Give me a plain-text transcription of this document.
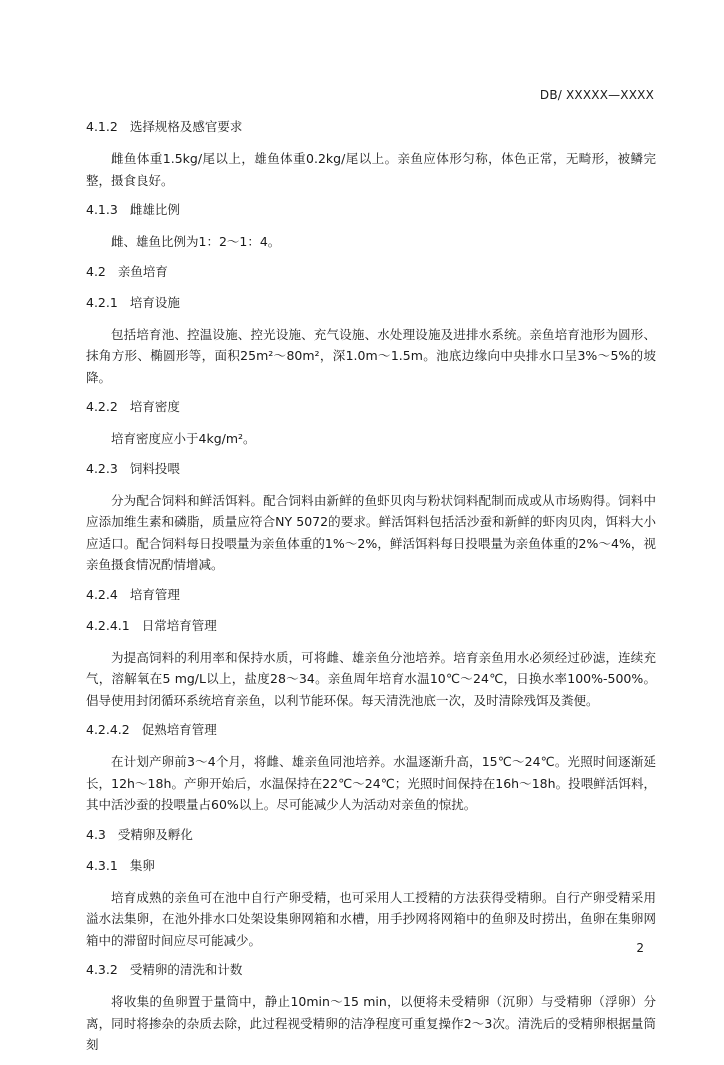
DB/ XXXXX—XXXX
4.1.2 选择规格及感官要求

雌鱼体重1.5kg/尾以上，雄鱼体重0.2kg/尾以上。亲鱼应体形匀称，体色正常，无畸形，被鳞完整，摄食良好。

4.1.3 雌雄比例

雌、雄鱼比例为1：2～1：4。

4.2 亲鱼培育
4.2.1 培育设施

包括培育池、控温设施、控光设施、充气设施、水处理设施及进排水系统。亲鱼培育池形为圆形、抹角方形、椭圆形等，面积25m²～80m²，深1.0m～1.5m。池底边缘向中央排水口呈3%～5%的坡降。

4.2.2 培育密度

培育密度应小于4kg/m²。

4.2.3 饲料投喂

分为配合饲料和鲜活饵料。配合饲料由新鲜的鱼虾贝肉与粉状饲料配制而成或从市场购得。饲料中应添加维生素和磷脂，质量应符合NY 5072的要求。鲜活饵料包括活沙蚕和新鲜的虾肉贝肉，饵料大小应适口。配合饲料每日投喂量为亲鱼体重的1%～2%，鲜活饵料每日投喂量为亲鱼体重的2%～4%，视亲鱼摄食情况酌情增减。

4.2.4 培育管理
4.2.4.1 日常培育管理

为提高饲料的利用率和保持水质，可将雌、雄亲鱼分池培养。培育亲鱼用水必须经过砂滤，连续充气，溶解氧在5 mg/L以上，盐度28～34。亲鱼周年培育水温10℃～24℃，日换水率100%-500%。倡导使用封闭循环系统培育亲鱼，以利节能环保。每天清洗池底一次，及时清除残饵及粪便。

4.2.4.2 促熟培育管理

在计划产卵前3～4个月，将雌、雄亲鱼同池培养。水温逐渐升高，15℃～24℃。光照时间逐渐延长，12h～18h。产卵开始后，水温保持在22℃～24℃；光照时间保持在16h～18h。投喂鲜活饵料，其中活沙蚕的投喂量占60%以上。尽可能减少人为活动对亲鱼的惊扰。

4.3 受精卵及孵化
4.3.1 集卵

培育成熟的亲鱼可在池中自行产卵受精，也可采用人工授精的方法获得受精卵。自行产卵受精采用溢水法集卵，在池外排水口处架设集卵网箱和水槽，用手抄网将网箱中的鱼卵及时捞出，鱼卵在集卵网箱中的滞留时间应尽可能减少。

4.3.2 受精卵的清洗和计数

将收集的鱼卵置于量筒中，静止10min～15 min，以便将未受精卵（沉卵）与受精卵（浮卵）分离，同时将掺杂的杂质去除，此过程视受精卵的洁净程度可重复操作2～3次。清洗后的受精卵根据量筒刻

2
